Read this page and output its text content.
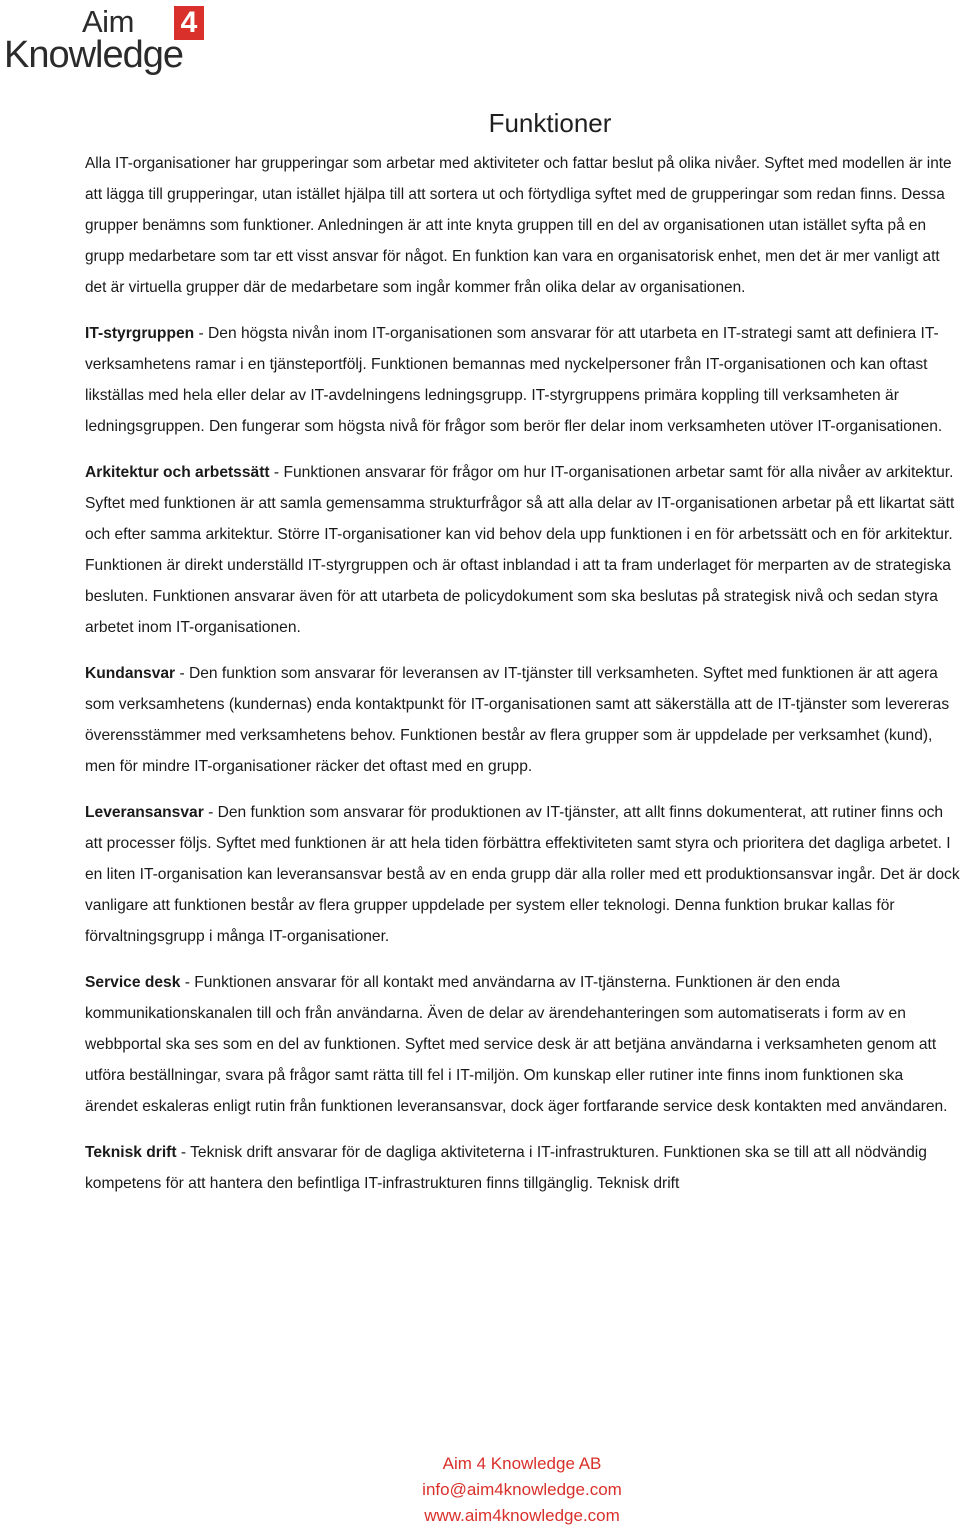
Aim 4
Knowledge
Funktioner

Alla IT-organisationer har grupperingar som arbetar med aktiviteter och fattar beslut på olika nivåer. Syftet med modellen är inte att lägga till grupperingar, utan istället hjälpa till att sortera ut och förtydliga syftet med de grupperingar som redan finns. Dessa grupper benämns som funktioner. Anledningen är att inte knyta gruppen till en del av organisationen utan istället syfta på en grupp medarbetare som tar ett visst ansvar för något. En funktion kan vara en organisatorisk enhet, men det är mer vanligt att det är virtuella grupper där de medarbetare som ingår kommer från olika delar av organisationen.

IT-styrgruppen - Den högsta nivån inom IT-organisationen som ansvarar för att utarbeta en IT-strategi samt att definiera IT-verksamhetens ramar i en tjänsteportfölj. Funktionen bemannas med nyckelpersoner från IT-organisationen och kan oftast likställas med hela eller delar av IT-avdelningens ledningsgrupp. IT-styrgruppens primära koppling till verksamheten är ledningsgruppen. Den fungerar som högsta nivå för frågor som berör fler delar inom verksamheten utöver IT-organisationen.

Arkitektur och arbetssätt - Funktionen ansvarar för frågor om hur IT-organisationen arbetar samt för alla nivåer av arkitektur. Syftet med funktionen är att samla gemensamma strukturfrågor så att alla delar av IT-organisationen arbetar på ett likartat sätt och efter samma arkitektur. Större IT-organisationer kan vid behov dela upp funktionen i en för arbetssätt och en för arkitektur. Funktionen är direkt underställd IT-styrgruppen och är oftast inblandad i att ta fram underlaget för merparten av de strategiska besluten. Funktionen ansvarar även för att utarbeta de policydokument som ska beslutas på strategisk nivå och sedan styra arbetet inom IT-organisationen.

Kundansvar - Den funktion som ansvarar för leveransen av IT-tjänster till verksamheten. Syftet med funktionen är att agera som verksamhetens (kundernas) enda kontaktpunkt för IT-organisationen samt att säkerställa att de IT-tjänster som levereras överensstämmer med verksamhetens behov. Funktionen består av flera grupper som är uppdelade per verksamhet (kund), men för mindre IT-organisationer räcker det oftast med en grupp.

Leveransansvar - Den funktion som ansvarar för produktionen av IT-tjänster, att allt finns dokumenterat, att rutiner finns och att processer följs. Syftet med funktionen är att hela tiden förbättra effektiviteten samt styra och prioritera det dagliga arbetet. I en liten IT-organisation kan leveransansvar bestå av en enda grupp där alla roller med ett produktionsansvar ingår. Det är dock vanligare att funktionen består av flera grupper uppdelade per system eller teknologi. Denna funktion brukar kallas för förvaltningsgrupp i många IT-organisationer.

Service desk - Funktionen ansvarar för all kontakt med användarna av IT-tjänsterna. Funktionen är den enda kommunikationskanalen till och från användarna. Även de delar av ärendehanteringen som automatiserats i form av en webbportal ska ses som en del av funktionen. Syftet med service desk är att betjäna användarna i verksamheten genom att utföra beställningar, svara på frågor samt rätta till fel i IT-miljön. Om kunskap eller rutiner inte finns inom funktionen ska ärendet eskaleras enligt rutin från funktionen leveransansvar, dock äger fortfarande service desk kontakten med användaren.

Teknisk drift - Teknisk drift ansvarar för de dagliga aktiviteterna i IT-infrastrukturen. Funktionen ska se till att all nödvändig kompetens för att hantera den befintliga IT-infrastrukturen finns tillgänglig. Teknisk drift

Aim 4 Knowledge AB
info@aim4knowledge.com
www.aim4knowledge.com
